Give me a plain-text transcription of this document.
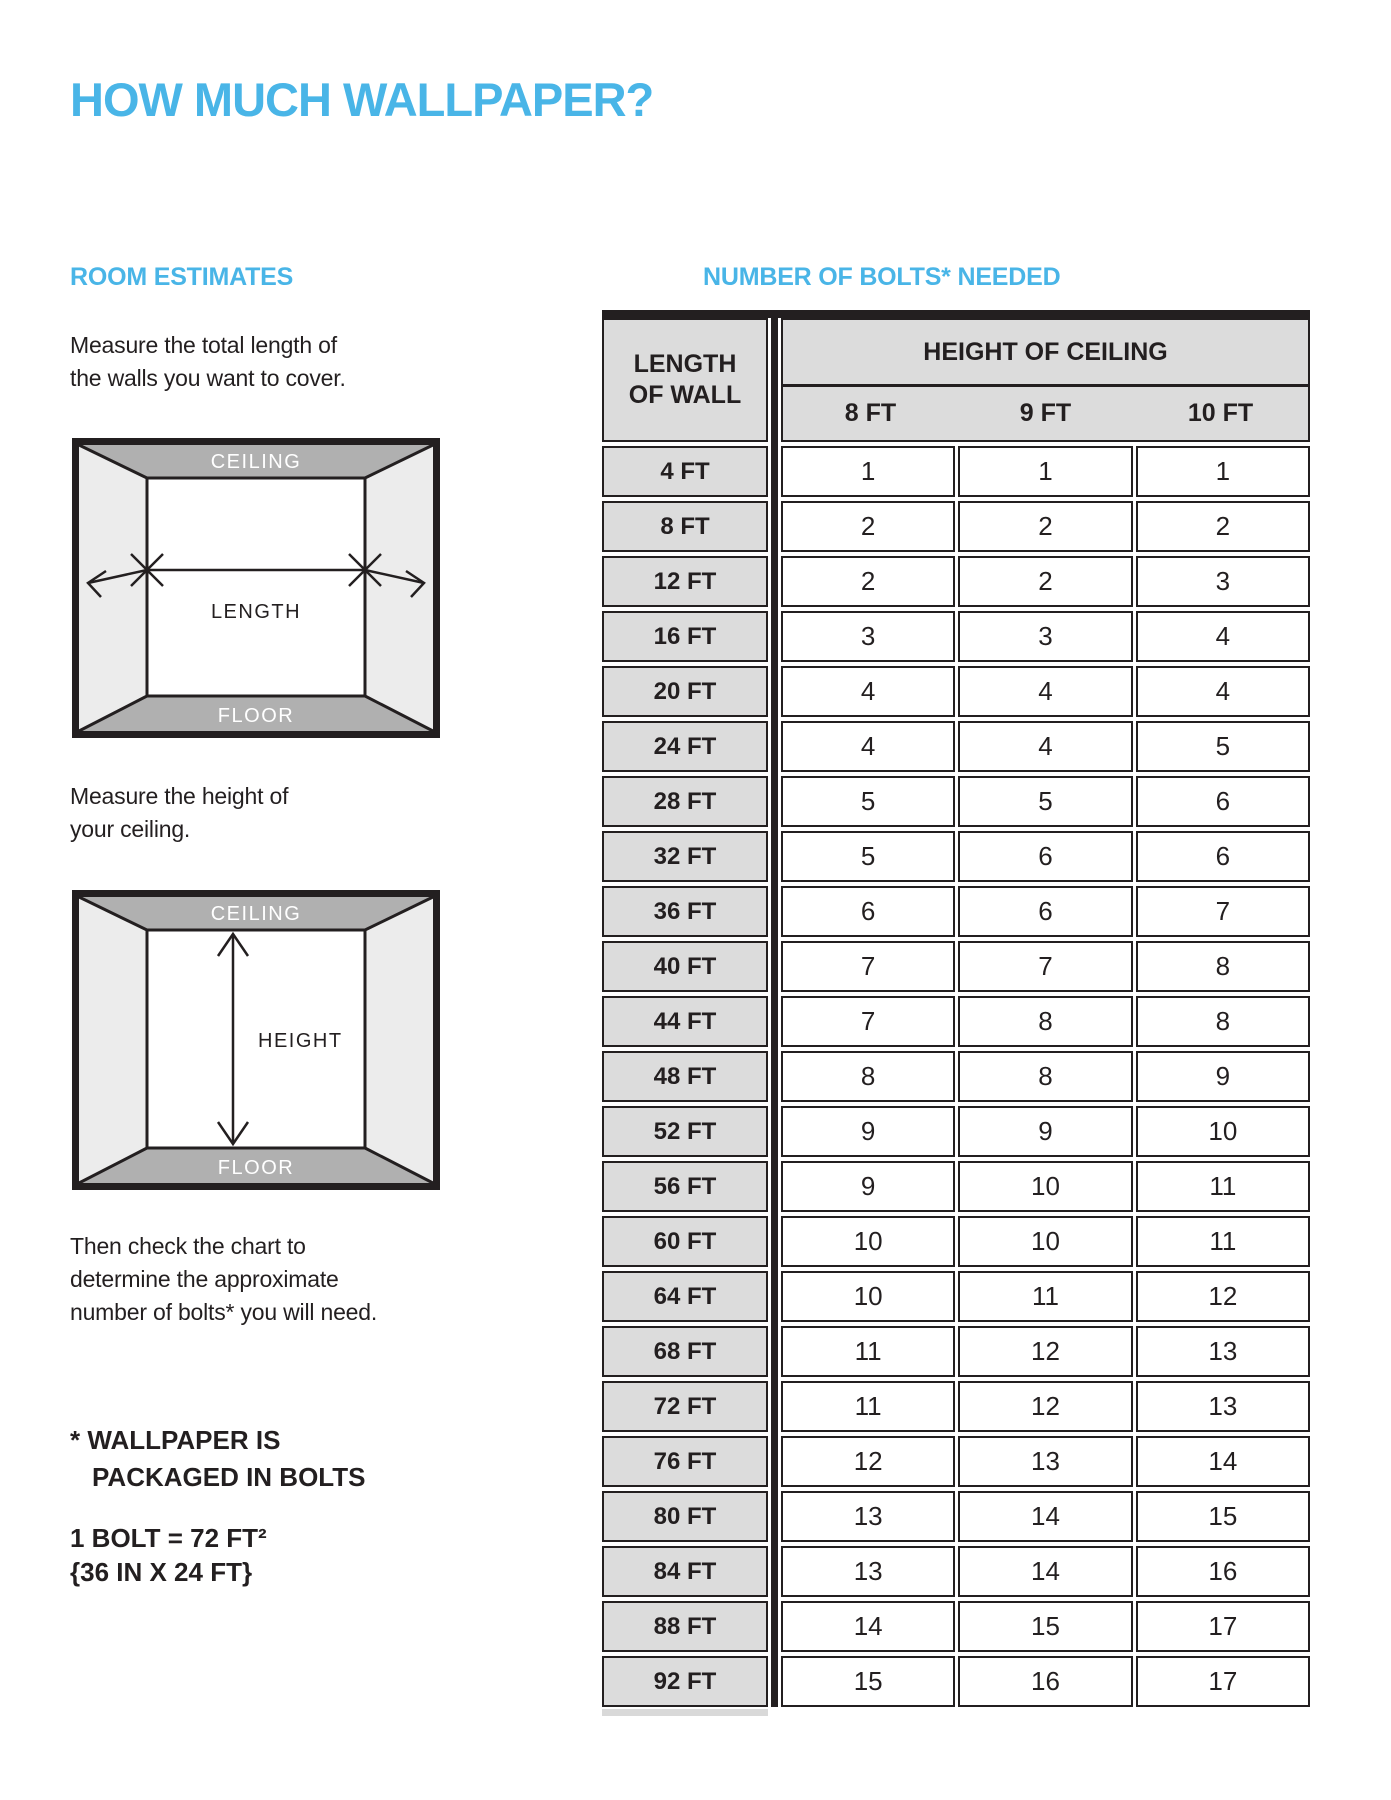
HOW MUCH WALLPAPER?
ROOM ESTIMATES	NUMBER OF BOLTS* NEEDED
Measure the total length of
the walls you want to cover.
CEILING
FLOOR
LENGTH
Measure the height of
your ceiling.
CEILING
FLOOR
HEIGHT
Then check the chart to
determine the approximate
number of bolts* you will need.
* WALLPAPER IS
PACKAGED IN BOLTS
1 BOLT = 72 FT²
{36 IN X 24 FT}
LENGTH OF WALL
HEIGHT OF CEILING
8 FT	9 FT	10 FT
4 FT	1	1	1
8 FT	2	2	2
12 FT	2	2	3
16 FT	3	3	4
20 FT	4	4	4
24 FT	4	4	5
28 FT	5	5	6
32 FT	5	6	6
36 FT	6	6	7
40 FT	7	7	8
44 FT	7	8	8
48 FT	8	8	9
52 FT	9	9	10
56 FT	9	10	11
60 FT	10	10	11
64 FT	10	11	12
68 FT	11	12	13
72 FT	11	12	13
76 FT	12	13	14
80 FT	13	14	15
84 FT	13	14	16
88 FT	14	15	17
92 FT	15	16	17
